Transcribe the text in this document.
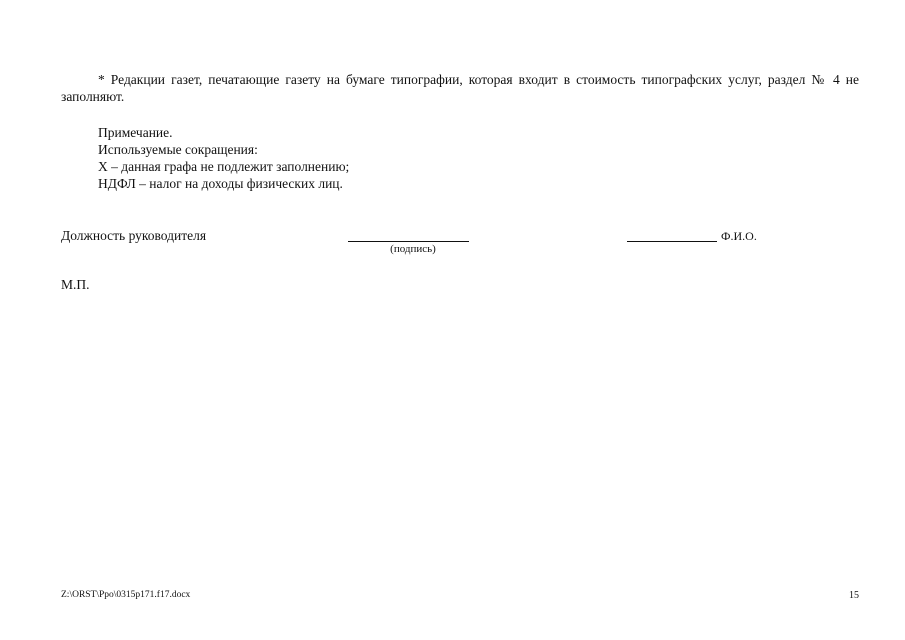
* Редакции газет, печатающие газету на бумаге типографии, которая входит в стоимость типографских услуг, раздел № 4 не заполняют.

Примечание.
Используемые сокращения:
X – данная графа не подлежит заполнению;
НДФЛ – налог на доходы физических лиц.
Должность руководителя
(подпись)
Ф.И.О.
М.П.
Z:\ORST\Ppo\0315p171.f17.docx	15
